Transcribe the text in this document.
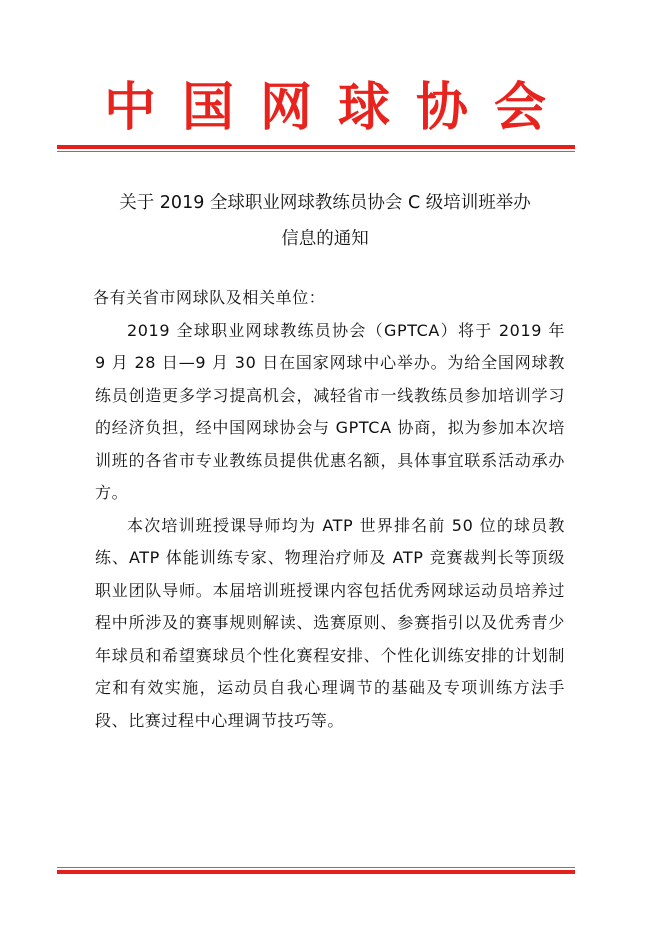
中国网球协会
关于 2019 全球职业网球教练员协会 C 级培训班举办
信息的通知

各有关省市网球队及相关单位：

2019 全球职业网球教练员协会（GPTCA）将于 2019 年 9 月 28 日—9 月 30 日在国家网球中心举办。为给全国网球教练员创造更多学习提高机会，减轻省市一线教练员参加培训学习的经济负担，经中国网球协会与 GPTCA 协商，拟为参加本次培训班的各省市专业教练员提供优惠名额，具体事宜联系活动承办方。

本次培训班授课导师均为 ATP 世界排名前 50 位的球员教练、ATP 体能训练专家、物理治疗师及 ATP 竞赛裁判长等顶级职业团队导师。本届培训班授课内容包括优秀网球运动员培养过程中所涉及的赛事规则解读、选赛原则、参赛指引以及优秀青少年球员和希望赛球员个性化赛程安排、个性化训练安排的计划制定和有效实施，运动员自我心理调节的基础及专项训练方法手段、比赛过程中心理调节技巧等。
